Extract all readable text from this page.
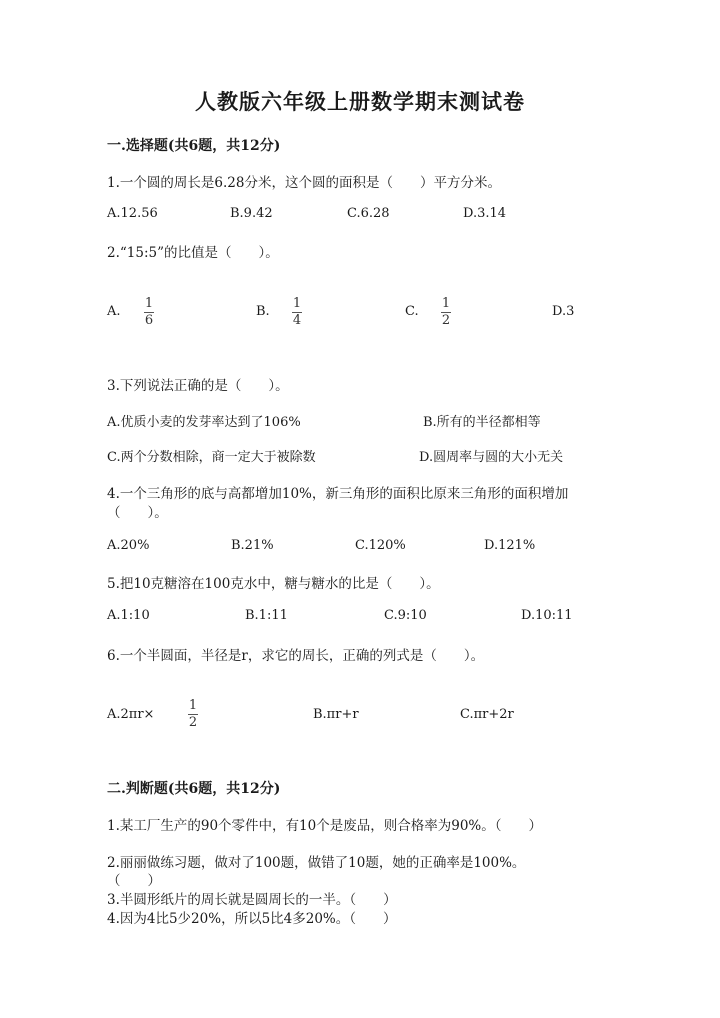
人教版六年级上册数学期末测试卷
一.选择题(共6题，共12分)
1.一个圆的周长是6.28分米，这个圆的面积是（　　）平方分米。
A.12.56	B.9.42	C.6.28	D.3.14
2.“15:5”的比值是（　　）。
A.
1
6
B.
1
4
C.
1
2
D.3
3.下列说法正确的是（　　）。
A.优质小麦的发芽率达到了106%	B.所有的半径都相等
C.两个分数相除，商一定大于被除数	D.圆周率与圆的大小无关
4.一个三角形的底与高都增加10%，新三角形的面积比原来三角形的面积增加
（　　）。
A.20%	B.21%	C.120%	D.121%
5.把10克糖溶在100克水中，糖与糖水的比是（　　）。
A.1:10	B.1:11	C.9:10	D.10:11
6.一个半圆面，半径是r，求它的周长，正确的列式是（　　）。
A.2πr×
1
2
B.πr+r	C.πr+2r
二.判断题(共6题，共12分)
1.某工厂生产的90个零件中，有10个是废品，则合格率为90%。（　　）
2.丽丽做练习题，做对了100题，做错了10题，她的正确率是100%。
（　　）
3.半圆形纸片的周长就是圆周长的一半。（　　）
4.因为4比5少20%，所以5比4多20%。（　　）
